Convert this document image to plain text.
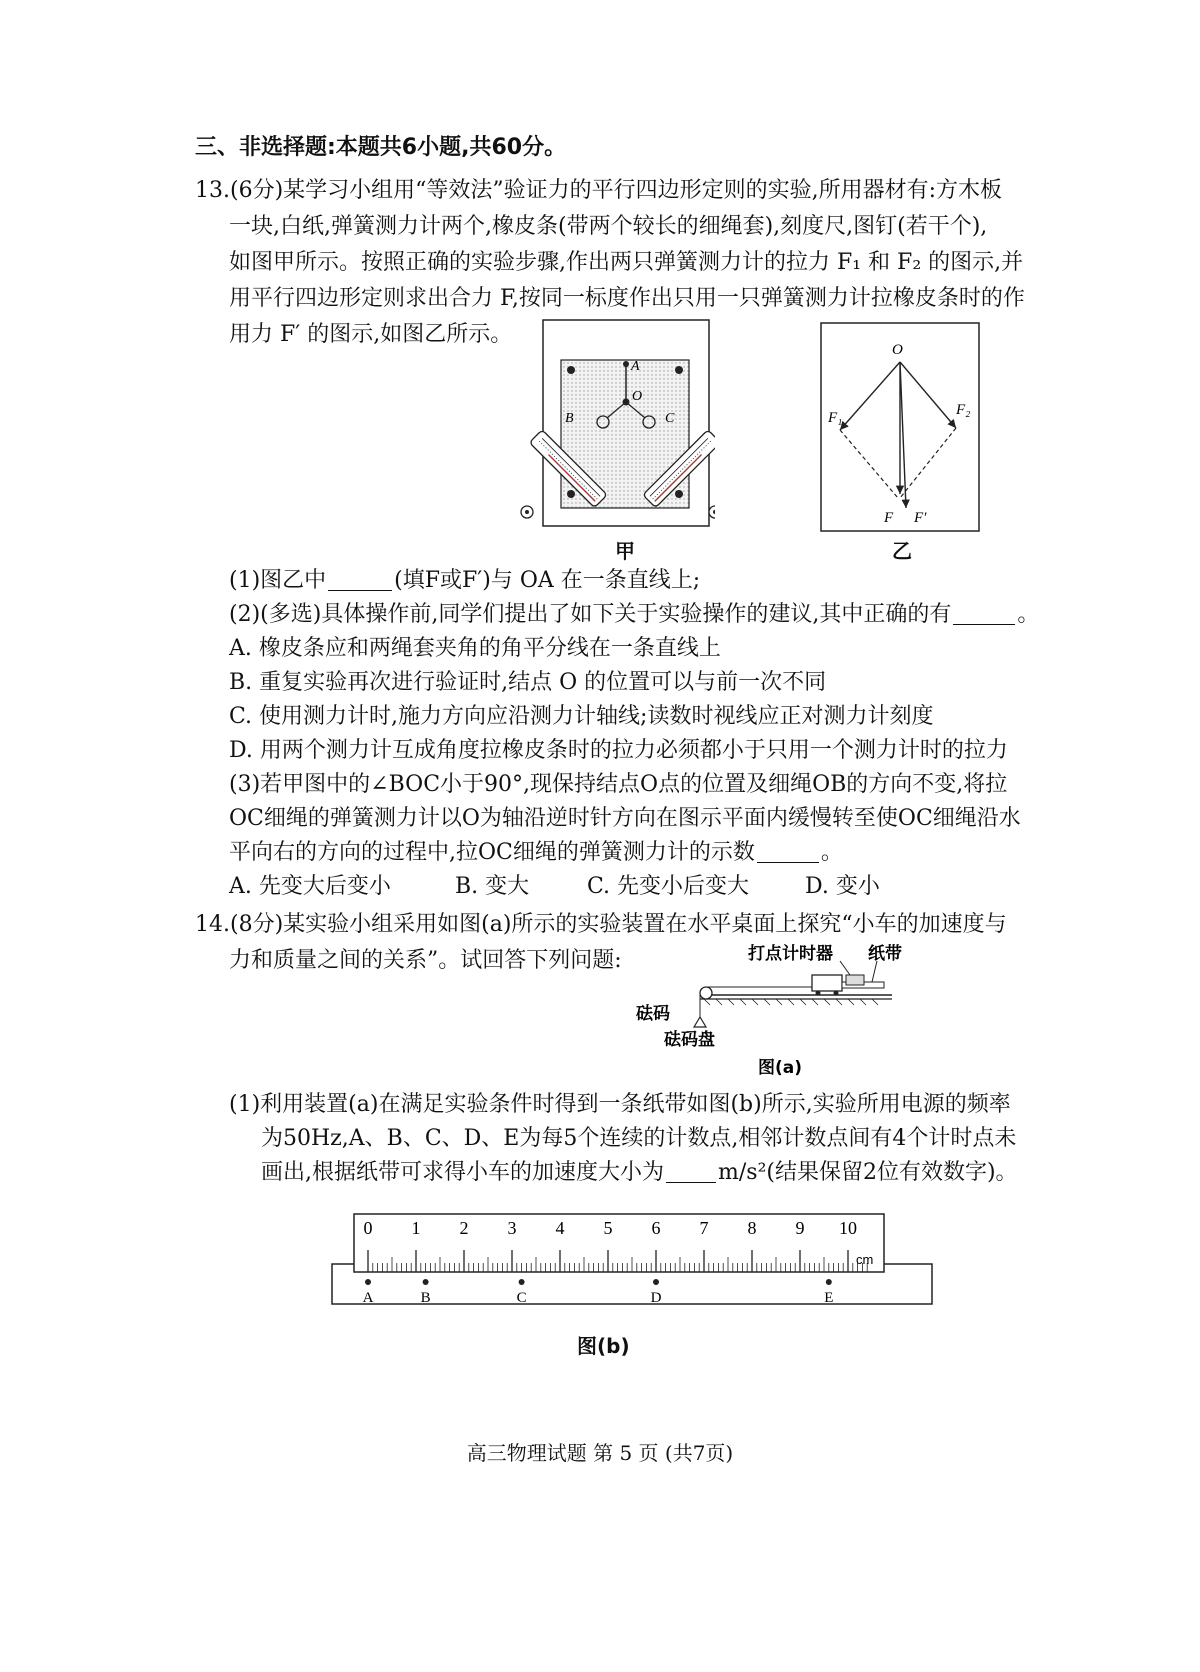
三、非选择题:本题共6小题,共60分。
13.(6分)某学习小组用“等效法”验证力的平行四边形定则的实验,所用器材有:方木板
一块,白纸,弹簧测力计两个,橡皮条(带两个较长的细绳套),刻度尺,图钉(若干个),
如图甲所示。按照正确的实验步骤,作出两只弹簧测力计的拉力 F₁ 和 F₂ 的图示,并
用平行四边形定则求出合力 F,按同一标度作出只用一只弹簧测力计拉橡皮条时的作
用力 F′ 的图示,如图乙所示。
A
O
B	C
甲
O
F₁	F₂
F F′
乙
(1)图乙中	(填F或F′)与 OA 在一条直线上;
(2)(多选)具体操作前,同学们提出了如下关于实验操作的建议,其中正确的有	。
A. 橡皮条应和两绳套夹角的角平分线在一条直线上
B. 重复实验再次进行验证时,结点 O 的位置可以与前一次不同
C. 使用测力计时,施力方向应沿测力计轴线;读数时视线应正对测力计刻度
D. 用两个测力计互成角度拉橡皮条时的拉力必须都小于只用一个测力计时的拉力
(3)若甲图中的∠BOC小于90°,现保持结点O点的位置及细绳OB的方向不变,将拉
OC细绳的弹簧测力计以O为轴沿逆时针方向在图示平面内缓慢转至使OC细绳沿水
平向右的方向的过程中,拉OC细绳的弹簧测力计的示数	。
A. 先变大后变小	B. 变大	C. 先变小后变大	D. 变小
14.(8分)某实验小组采用如图(a)所示的实验装置在水平桌面上探究“小车的加速度与
力和质量之间的关系”。试回答下列问题:	打点计时器 纸带
砝码
砝码盘
图(a)
(1)利用装置(a)在满足实验条件时得到一条纸带如图(b)所示,实验所用电源的频率
为50Hz,A、B、C、D、E为每5个连续的计数点,相邻计数点间有4个计时点未
画出,根据纸带可求得小车的加速度大小为 m/s²(结果保留2位有效数字)。
0 1 2 3 4 5 6 7 8 9 10
A	B	C	D	E
cm
图(b)
高三物理试题 第 5 页 (共7页)
